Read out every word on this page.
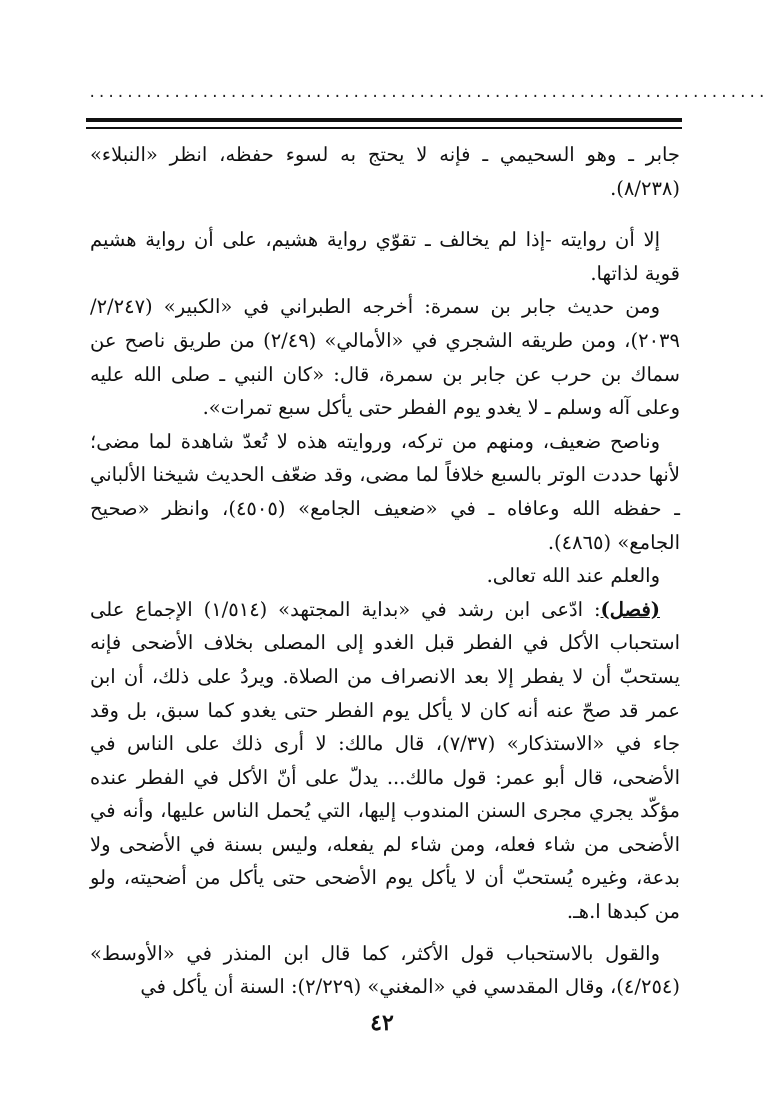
........................................................................

جابر ـ وهو السحيمي ـ فإنه لا يحتج به لسوء حفظه، انظر «النبلاء» (٨/٢٣٨).

إلا أن روايته -إذا لم يخالف ـ تقوّي رواية هشيم، على أن رواية هشيم قوية لذاتها.

ومن حديث جابر بن سمرة: أخرجه الطبراني في «الكبير» (٢/٢٤٧/ ٢٠٣٩)، ومن طريقه الشجري في «الأمالي» (٢/٤٩) من طريق ناصح عن سماك بن حرب عن جابر بن سمرة، قال: «كان النبي ـ صلى الله عليه وعلى آله وسلم ـ لا يغدو يوم الفطر حتى يأكل سبع تمرات».

وناصح ضعيف، ومنهم من تركه، وروايته هذه لا تُعدّ شاهدة لما مضى؛ لأنها حددت الوتر بالسبع خلافاً لما مضى، وقد ضعّف الحديث شيخنا الألباني ـ حفظه الله وعافاه ـ في «ضعيف الجامع» (٤٥٠٥)، وانظر «صحيح الجامع» (٤٨٦٥).

والعلم عند الله تعالى.

(فصل): ادّعى ابن رشد في «بداية المجتهد» (١/٥١٤) الإجماع على استحباب الأكل في الفطر قبل الغدو إلى المصلى بخلاف الأضحى فإنه يستحبّ أن لا يفطر إلا بعد الانصراف من الصلاة. ويردُ على ذلك، أن ابن عمر قد صحّ عنه أنه كان لا يأكل يوم الفطر حتى يغدو كما سبق، بل وقد جاء في «الاستذكار» (٧/٣٧)، قال مالك: لا أرى ذلك على الناس في الأضحى، قال أبو عمر: قول مالك... يدلّ على أنّ الأكل في الفطر عنده مؤكّد يجري مجرى السنن المندوب إليها، التي يُحمل الناس عليها، وأنه في الأضحى من شاء فعله، ومن شاء لم يفعله، وليس بسنة في الأضحى ولا بدعة، وغيره يُستحبّ أن لا يأكل يوم الأضحى حتى يأكل من أضحيته، ولو من كبدها ا.هـ.

والقول بالاستحباب قول الأكثر، كما قال ابن المنذر في «الأوسط» (٤/٢٥٤)، وقال المقدسي في «المغني» (٢/٢٢٩): السنة أن يأكل في

٤٢
